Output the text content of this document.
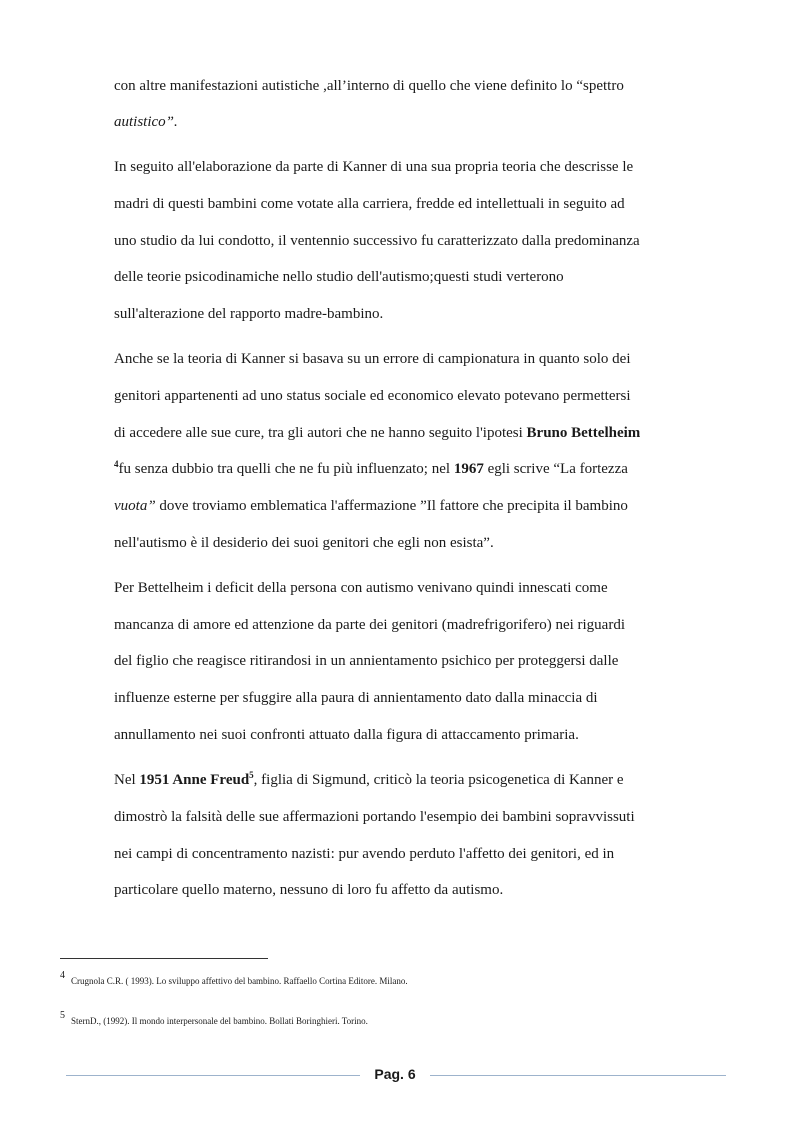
con altre manifestazioni autistiche ,all’interno di quello che viene definito lo “spettro
autistico”.
In seguito all'elaborazione da parte di Kanner di una sua propria teoria che descrisse le
madri di questi bambini come votate alla carriera, fredde ed intellettuali in seguito ad
uno studio da lui condotto, il ventennio successivo fu caratterizzato dalla predominanza
delle teorie psicodinamiche nello studio dell'autismo;questi studi verterono
sull'alterazione del rapporto madre-bambino.
Anche se la teoria di Kanner si basava su un errore di campionatura in quanto solo dei
genitori appartenenti ad uno status sociale ed economico elevato potevano permettersi
di accedere alle sue cure, tra gli autori che ne hanno seguito l'ipotesi Bruno Bettelheim
$^4$fu senza dubbio tra quelli che ne fu più influenzato; nel 1967 egli scrive “La fortezza
vuota” dove troviamo emblematica l'affermazione ”Il fattore che precipita il bambino
nell'autismo è il desiderio dei suoi genitori che egli non esista”.
Per Bettelheim i deficit della persona con autismo venivano quindi innescati come
mancanza di amore ed attenzione da parte dei genitori (madrefrigorifero) nei riguardi
del figlio che reagisce ritirandosi in un annientamento psichico per proteggersi dalle
influenze esterne per sfuggire alla paura di annientamento dato dalla minaccia di
annullamento nei suoi confronti attuato dalla figura di attaccamento primaria.
Nel 1951 Anne Freud$^5$, figlia di Sigmund, criticò la teoria psicogenetica di Kanner e
dimostrò la falsità delle sue affermazioni portando l'esempio dei bambini sopravvissuti
nei campi di concentramento nazisti: pur avendo perduto l'affetto dei genitori, ed in
particolare quello materno, nessuno di loro fu affetto da autismo.
4 Crugnola C.R. ( 1993). Lo sviluppo affettivo del bambino. Raffaello Cortina Editore. Milano.
5 SternD., (1992). Il mondo interpersonale del bambino. Bollati Boringhieri. Torino.
Pag. 6
